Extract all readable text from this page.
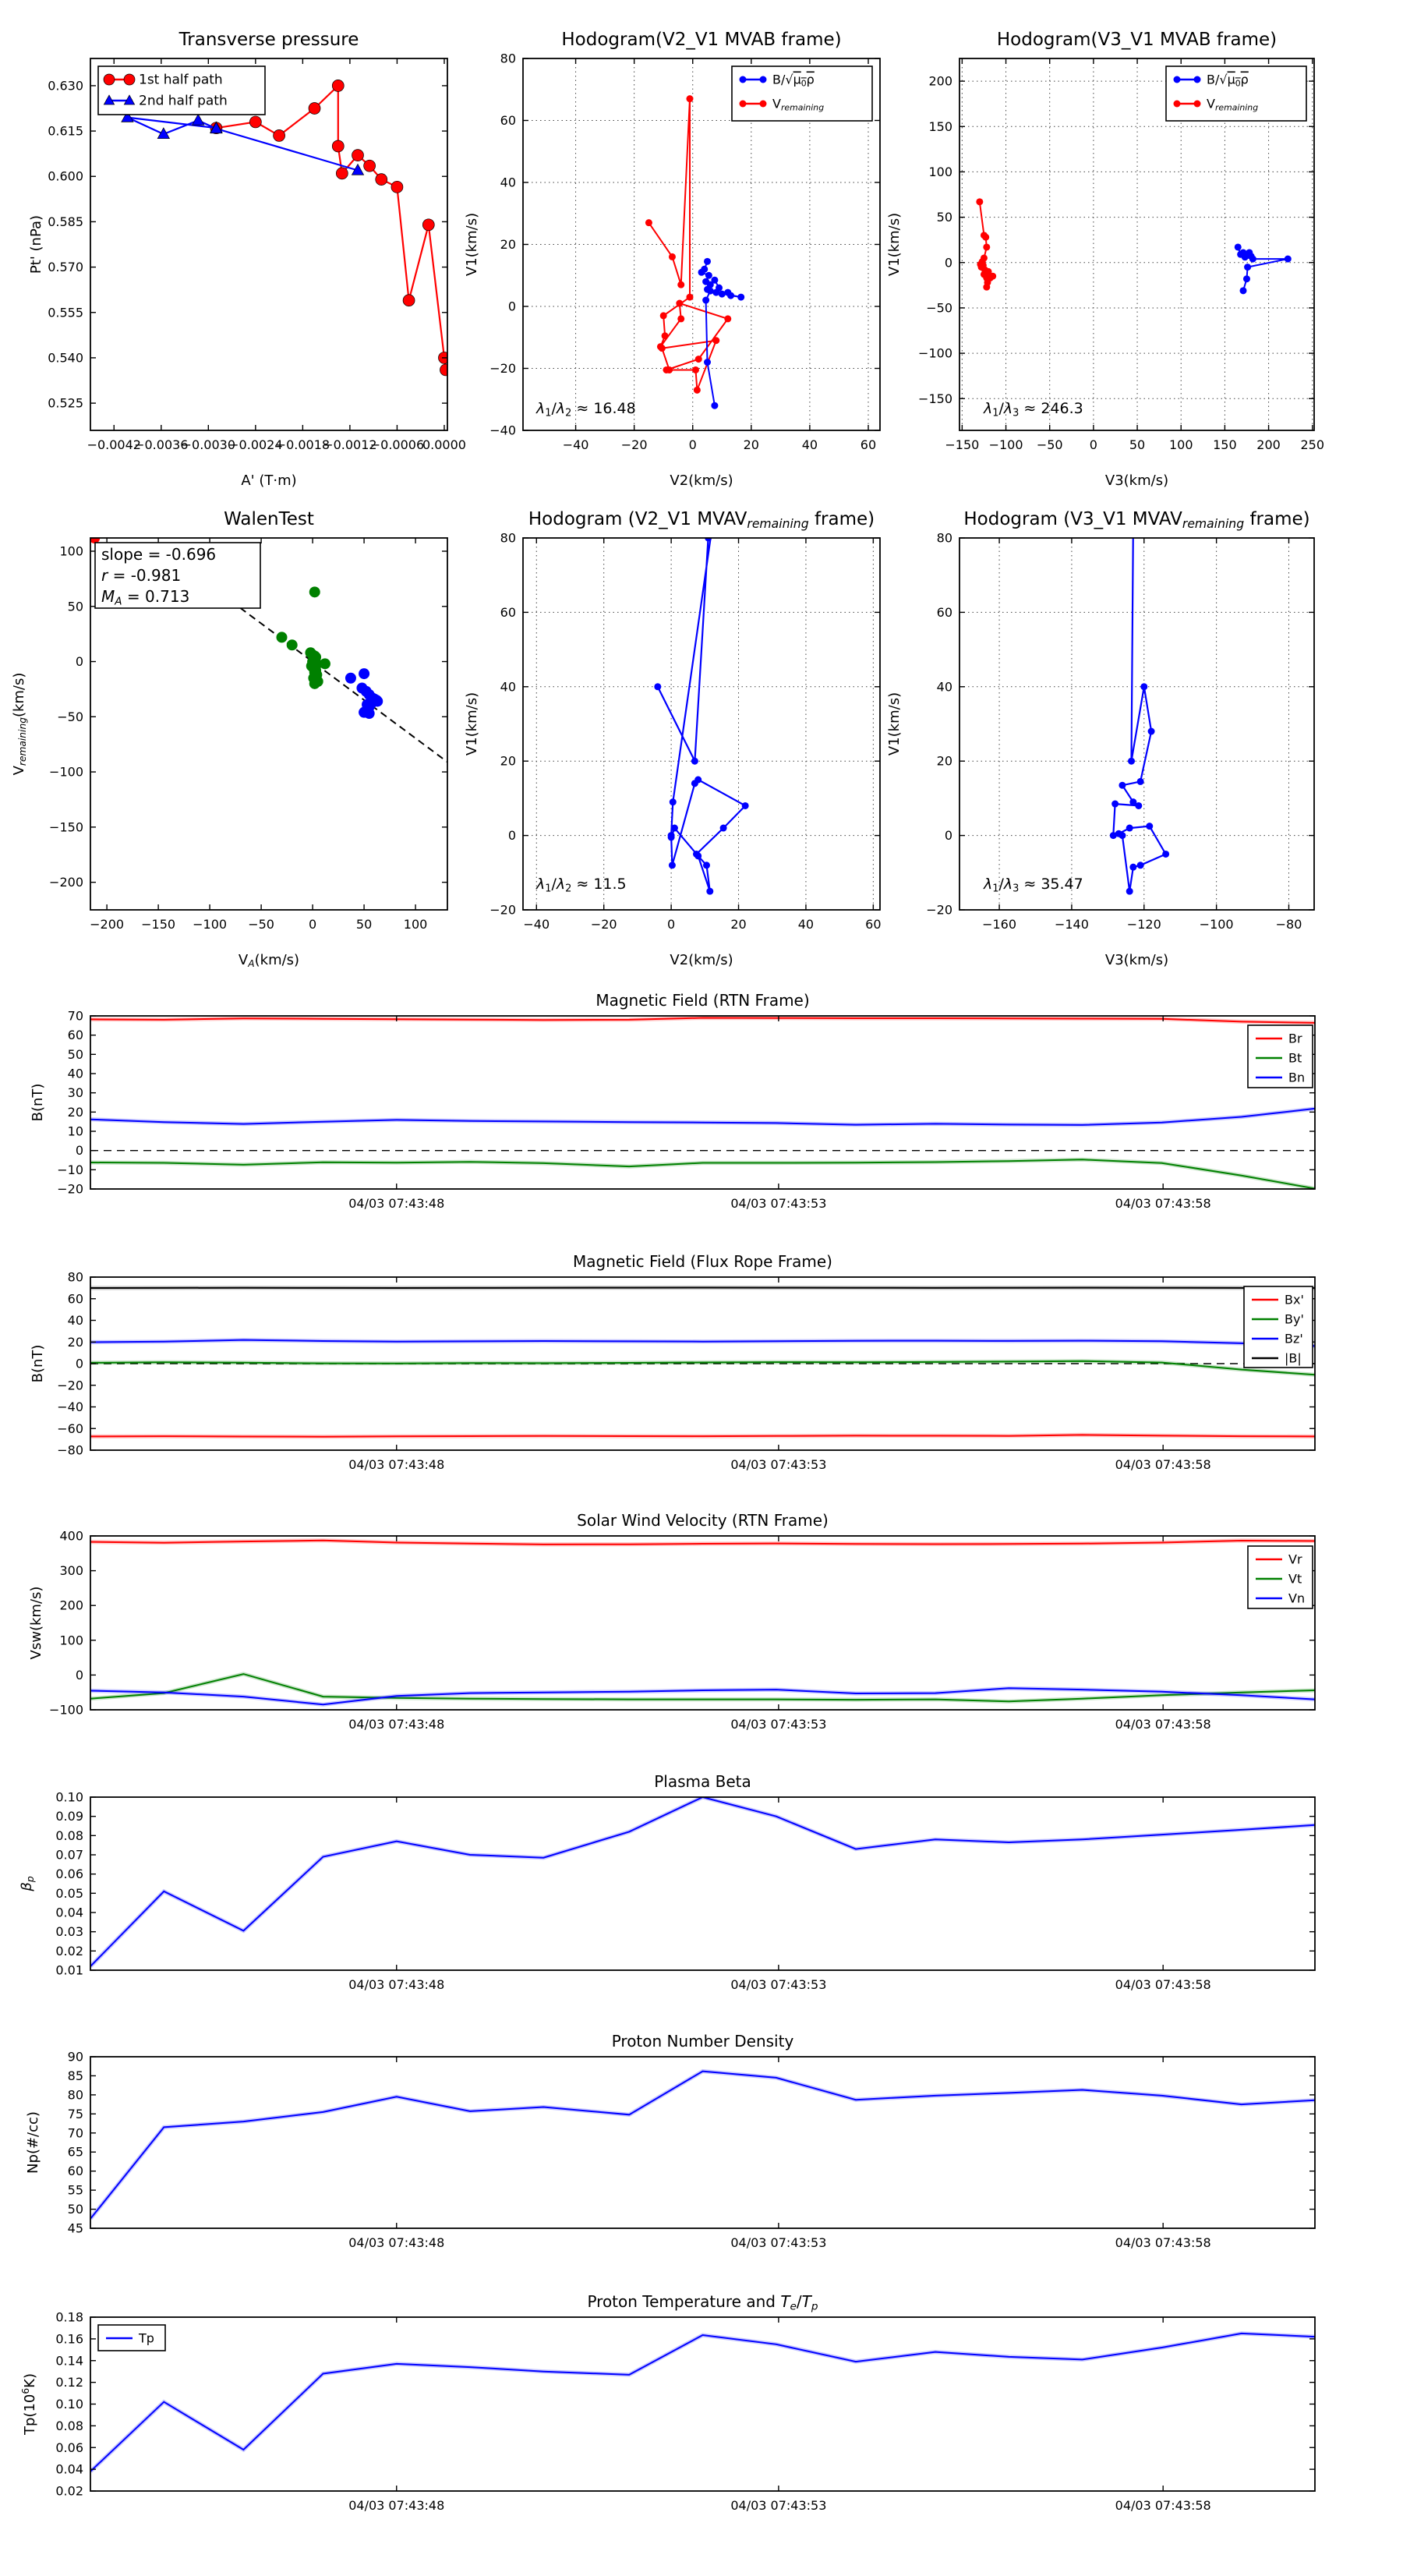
−0.0042
−0.0036
−0.0030
−0.0024
−0.0018
−0.0012
−0.0006
0.0000
0.525
0.540
0.555
0.570
0.585
0.600
0.615
0.630
Transverse pressure
A' (T·m)
Pt' (nPa)
1st half path
2nd half path
−40	−20	0	20	40	60
−40
−20
0
20
40
60
80
Hodogram(V2_V1 MVAB frame)
V2(km/s)
V1(km/s)
B/√μ0ρ
Vremaining
λ1/λ2 ≈ 16.48
−150 −100 −50 0	50 100 150 200 250
−150
−100
−50
0
50
100
150
200
Hodogram(V3_V1 MVAB frame)
V3(km/s)
V1(km/s)
B/√μ0ρ
Vremaining
λ1/λ3 ≈ 246.3
−200 −150 −100 −50	0	50	100
−200
−150
−100
−50
0
50
100
WalenTest
VA(km/s)
Vremaining(km/s)
slope = -0.696
r = -0.981
MA = 0.713
−40	−20	0	20	40	60
−20
0
20
40
60
80
Hodogram (V2_V1 MVAVremaining frame)
V2(km/s)
V1(km/s)
λ1/λ2 ≈ 11.5
−160	−140	−120	−100	−80
−20
0
20
40
60
80
Hodogram (V3_V1 MVAVremaining frame)
V3(km/s)
V1(km/s)
λ1/λ3 ≈ 35.47
04/03 07:43:48	04/03 07:43:53	04/03 07:43:58
−20
−10
0
10
20
30
40
50
60
70
Magnetic Field (RTN Frame)
B(nT)
Br
Bt
Bn
04/03 07:43:48	04/03 07:43:53	04/03 07:43:58
−80
−60
−40
−20
0
20
40
60
80
Magnetic Field (Flux Rope Frame)
B(nT)
Bx'
By'
Bz'
|B|
04/03 07:43:48	04/03 07:43:53	04/03 07:43:58
−100
0
100
200
300
400
Solar Wind Velocity (RTN Frame)
Vsw(km/s)
Vr
Vt
Vn
04/03 07:43:48	04/03 07:43:53	04/03 07:43:58
0.01
0.02
0.03
0.04
0.05
0.06
0.07
0.08
0.09
0.10
Plasma Beta
βp
04/03 07:43:48	04/03 07:43:53	04/03 07:43:58
45
50
55
60
65
70
75
80
85
90
Proton Number Density
Np(#/cc)
04/03 07:43:48	04/03 07:43:53	04/03 07:43:58
0.02
0.04
0.06
0.08
0.10
0.12
0.14
0.16
0.18
Proton Temperature and Te/Tp
$Tp(10^6K)$
Tp
